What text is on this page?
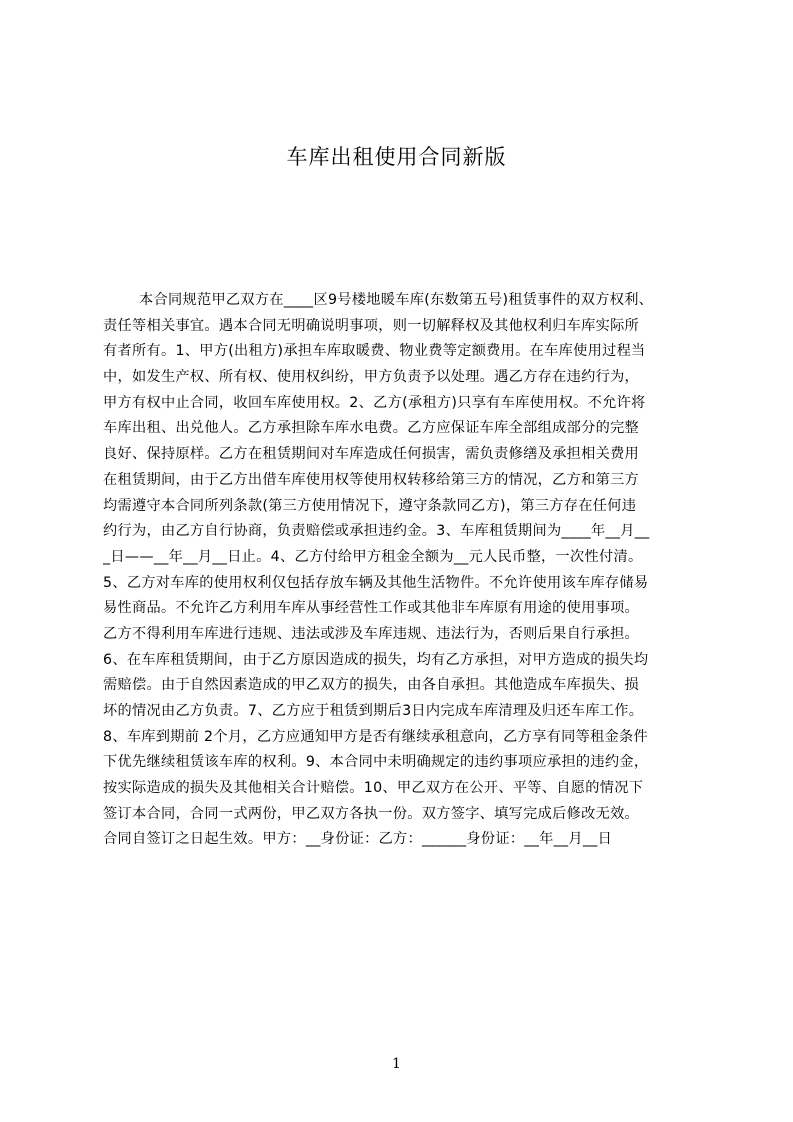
车库出租使用合同新版
本合同规范甲乙双方在____区9号楼地暖车库(东数第五号)租赁事件的双方权利、
责任等相关事宜。遇本合同无明确说明事项，则一切解释权及其他权利归车库实际所
有者所有。1、甲方(出租方)承担车库取暖费、物业费等定额费用。在车库使用过程当
中，如发生产权、所有权、使用权纠纷，甲方负责予以处理。遇乙方存在违约行为，
甲方有权中止合同，收回车库使用权。2、乙方(承租方)只享有车库使用权。不允许将
车库出租、出兑他人。乙方承担除车库水电费。乙方应保证车库全部组成部分的完整
良好、保持原样。乙方在租赁期间对车库造成任何损害，需负责修缮及承担相关费用
在租赁期间，由于乙方出借车库使用权等使用权转移给第三方的情况，乙方和第三方
均需遵守本合同所列条款(第三方使用情况下，遵守条款同乙方)，第三方存在任何违
约行为，由乙方自行协商，负责赔偿或承担违约金。3、车库租赁期间为____年__月__
_日——__年__月__日止。4、乙方付给甲方租金全额为__元人民币整，一次性付清。
5、乙方对车库的使用权利仅包括存放车辆及其他生活物件。不允许使用该车库存储易
易性商品。不允许乙方利用车库从事经营性工作或其他非车库原有用途的使用事项。
乙方不得利用车库进行违规、违法或涉及车库违规、违法行为，否则后果自行承担。
6、在车库租赁期间，由于乙方原因造成的损失，均有乙方承担，对甲方造成的损失均
需赔偿。由于自然因素造成的甲乙双方的损失，由各自承担。其他造成车库损失、损
坏的情况由乙方负责。7、乙方应于租赁到期后3日内完成车库清理及归还车库工作。
8、车库到期前 2个月，乙方应通知甲方是否有继续承租意向，乙方享有同等租金条件
下优先继续租赁该车库的权利。9、本合同中未明确规定的违约事项应承担的违约金，
按实际造成的损失及其他相关合计赔偿。10、甲乙双方在公开、平等、自愿的情况下
签订本合同，合同一式两份，甲乙双方各执一份。双方签字、填写完成后修改无效。
合同自签订之日起生效。甲方：__身份证：乙方：______身份证：__年__月__日
1
